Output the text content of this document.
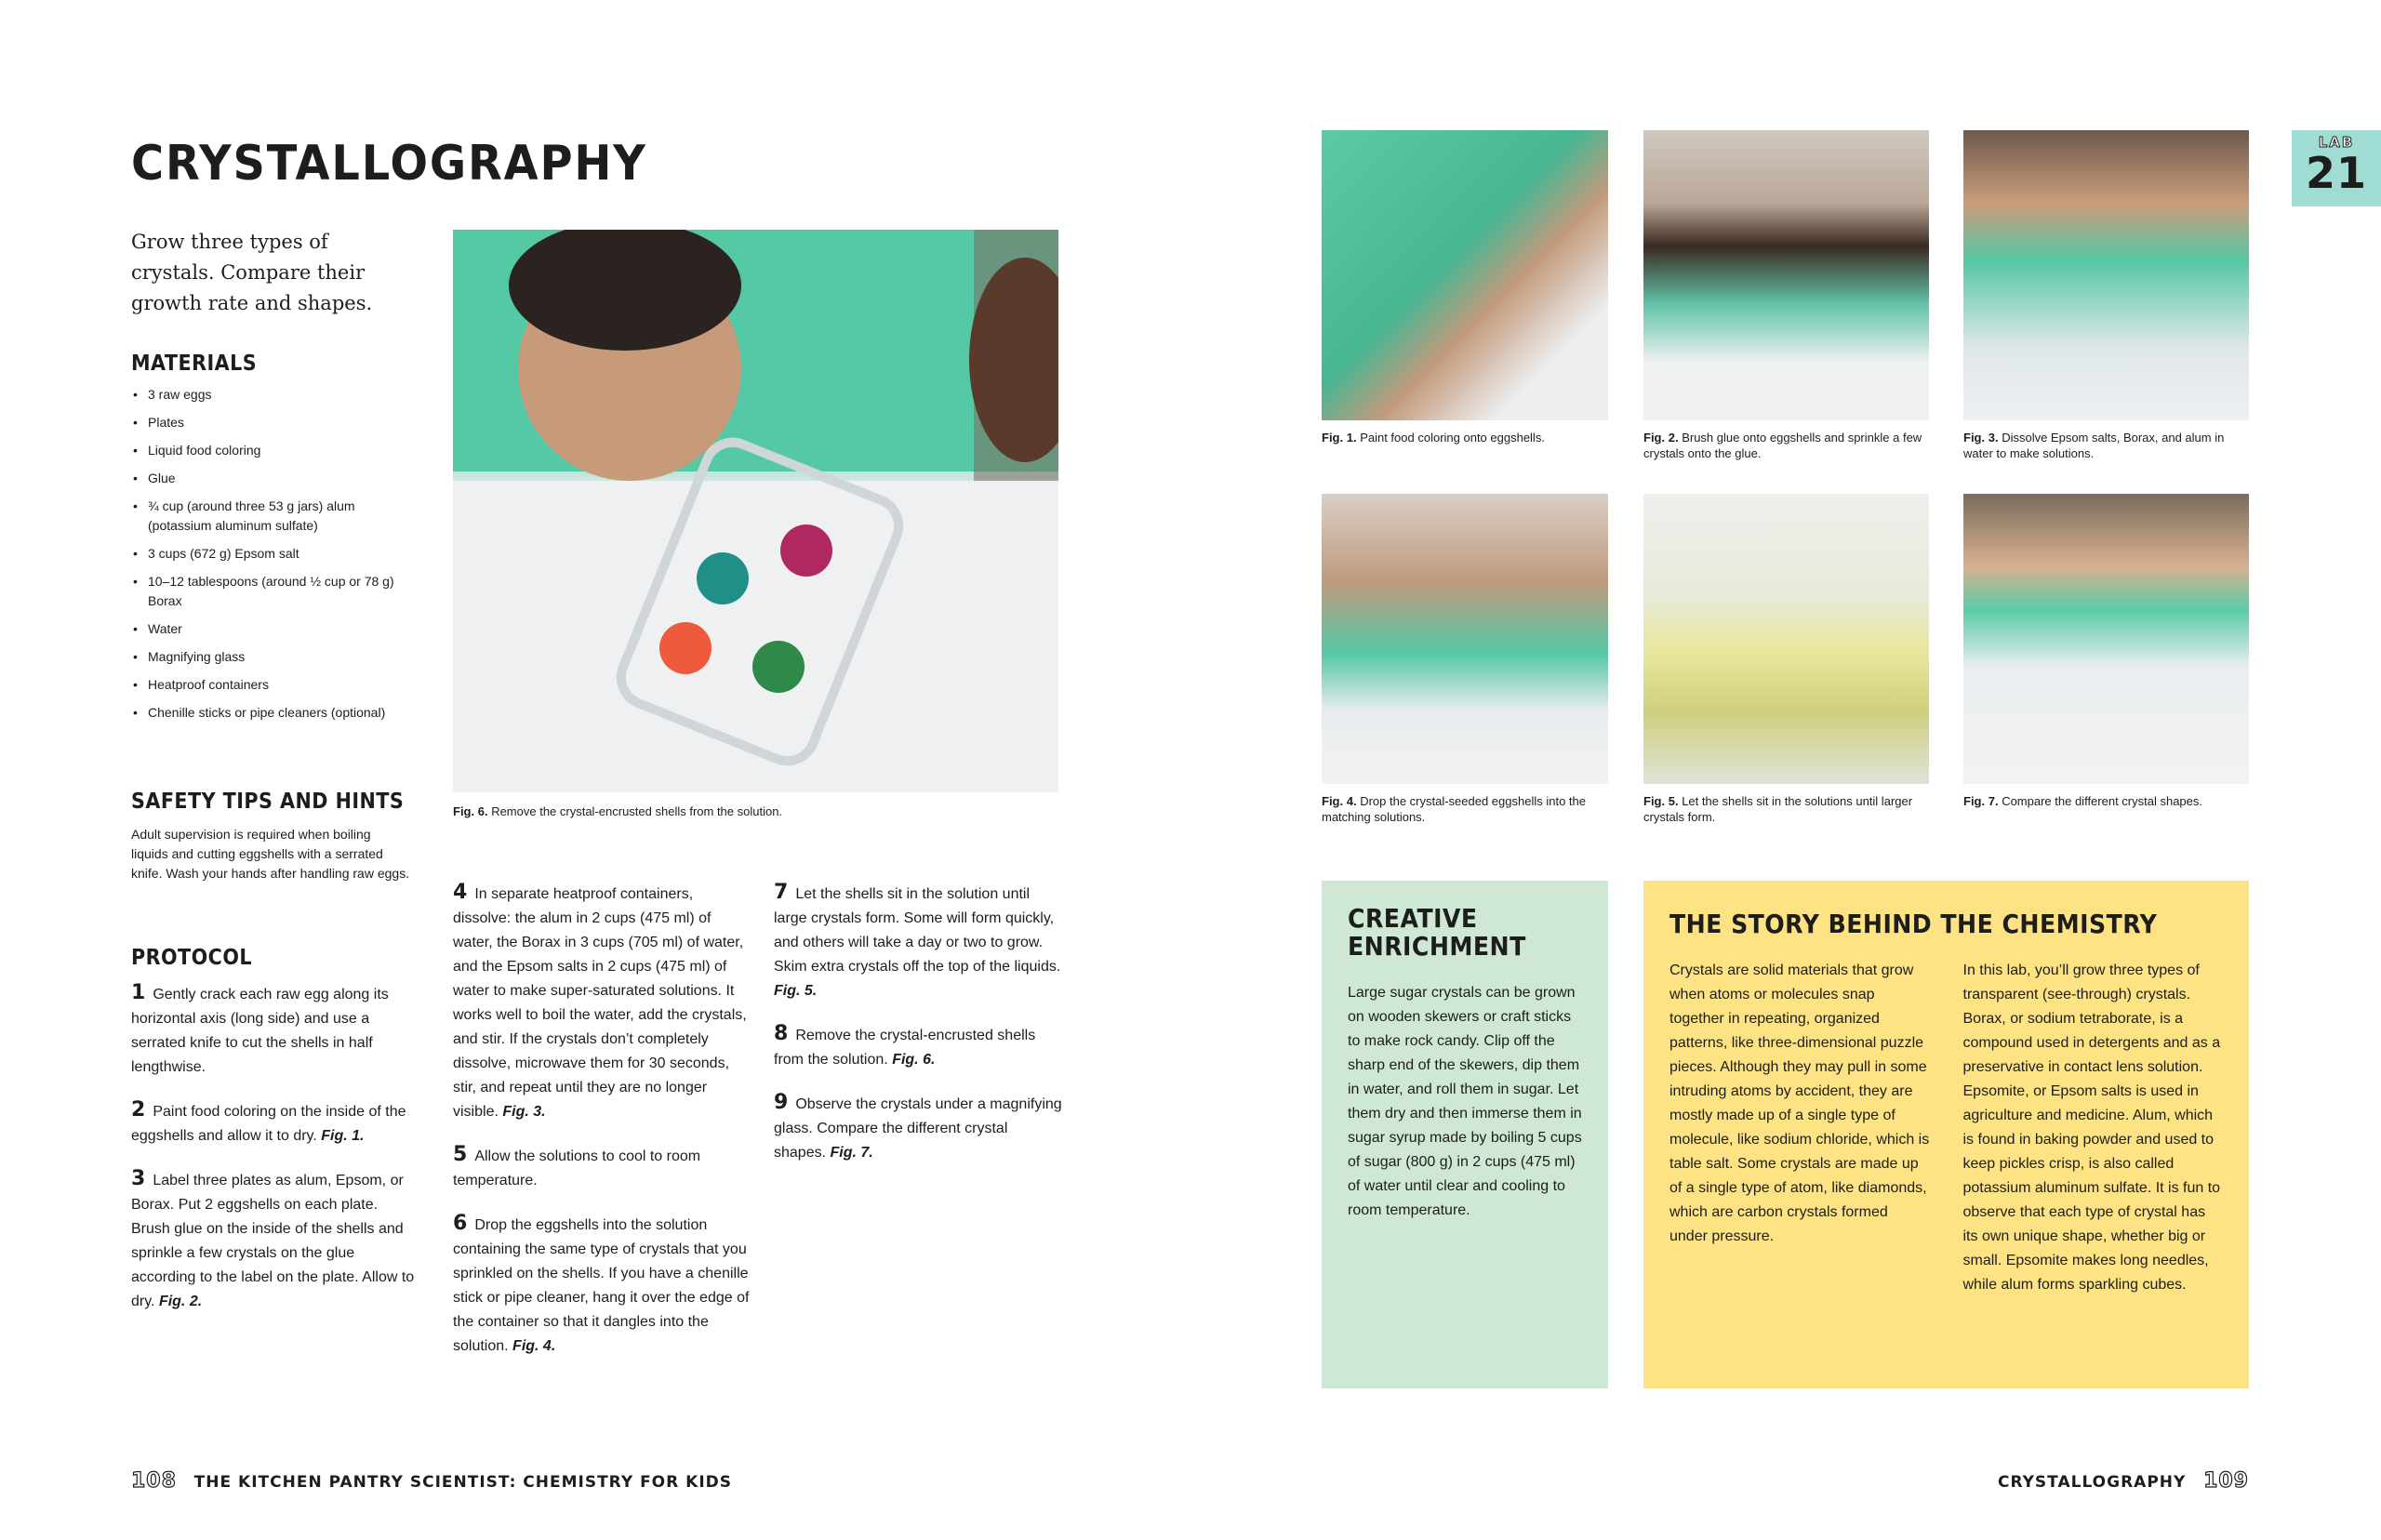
CRYSTALLOGRAPHY

Grow three types of crystals. Compare their growth rate and shapes.

MATERIALS
• 3 raw eggs
• Plates
• Liquid food coloring
• Glue
• ¾ cup (around three 53 g jars) alum (potassium aluminum sulfate)
• 3 cups (672 g) Epsom salt
• 10–12 tablespoons (around ½ cup or 78 g) Borax
• Water
• Magnifying glass
• Heatproof containers
• Chenille sticks or pipe cleaners (optional)
SAFETY TIPS AND HINTS

Adult supervision is required when boiling liquids and cutting eggshells with a serrated knife. Wash your hands after handling raw eggs.

PROTOCOL

1 Gently crack each raw egg along its horizontal axis (long side) and use a serrated knife to cut the shells in half lengthwise.

2 Paint food coloring on the inside of the eggshells and allow it to dry. Fig. 1.

3 Label three plates as alum, Epsom, or Borax. Put 2 eggshells on each plate. Brush glue on the inside of the shells and sprinkle a few crystals on the glue according to the label on the plate. Allow to dry. Fig. 2.

4 In separate heatproof containers, dissolve: the alum in 2 cups (475 ml) of water, the Borax in 3 cups (705 ml) of water, and the Epsom salts in 2 cups (475 ml) of water to make super-saturated solutions. It works well to boil the water, add the crystals, and stir. If the crystals don’t completely dissolve, microwave them for 30 seconds, stir, and repeat until they are no longer visible. Fig. 3.

5 Allow the solutions to cool to room temperature.

6 Drop the eggshells into the solution containing the same type of crystals that you sprinkled on the shells. If you have a chenille stick or pipe cleaner, hang it over the edge of the container so that it dangles into the solution. Fig. 4.

7 Let the shells sit in the solution until large crystals form. Some will form quickly, and others will take a day or two to grow. Skim extra crystals off the top of the liquids. Fig. 5.

8 Remove the crystal-encrusted shells from the solution. Fig. 6.

9 Observe the crystals under a magnifying glass. Compare the different crystal shapes. Fig. 7.

Fig. 6. Remove the crystal-encrusted shells from the solution.

108 THE KITCHEN PANTRY SCIENTIST: CHEMISTRY FOR KIDS
LAB
21

Fig. 1. Paint food coloring onto eggshells.	Fig. 2. Brush glue onto eggshells and sprinkle a few crystals onto the glue.

Fig. 3. Dissolve Epsom salts, Borax, and alum in water to make solutions.

Fig. 4. Drop the crystal-seeded eggshells into the matching solutions.

Fig. 5. Let the shells sit in the solutions until larger crystals form.

Fig. 7. Compare the different crystal shapes.

CREATIVE ENRICHMENT

Large sugar crystals can be grown on wooden skewers or craft sticks to make rock candy. Clip off the sharp end of the skewers, dip them in water, and roll them in sugar. Let them dry and then immerse them in sugar syrup made by boiling 5 cups of sugar (800 g) in 2 cups (475 ml) of water until clear and cooling to room temperature.

THE STORY BEHIND THE CHEMISTRY

Crystals are solid materials that grow when atoms or molecules snap together in repeating, organized patterns, like three-dimensional puzzle pieces. Although they may pull in some intruding atoms by accident, they are mostly made up of a single type of molecule, like sodium chloride, which is table salt. Some crystals are made up of a single type of atom, like diamonds, which are carbon crystals formed under pressure.

In this lab, you’ll grow three types of transparent (see-through) crystals. Borax, or sodium tetraborate, is a compound used in detergents and as a preservative in contact lens solution. Epsomite, or Epsom salts is used in agriculture and medicine. Alum, which is found in baking powder and used to keep pickles crisp, is also called potassium aluminum sulfate. It is fun to observe that each type of crystal has its own unique shape, whether big or small. Epsomite makes long needles, while alum forms sparkling cubes.

CRYSTALLOGRAPHY 109
